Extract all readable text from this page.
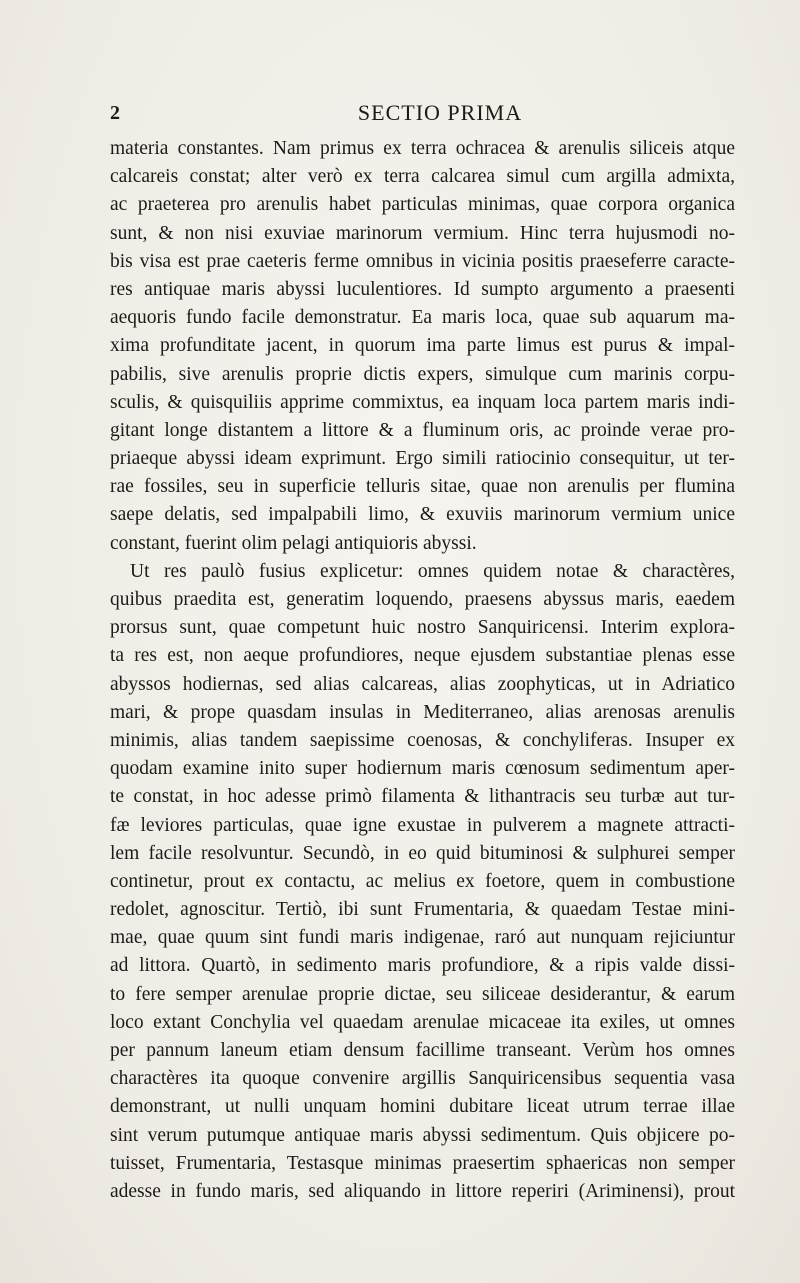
2	SECTIO PRIMA
materia constantes. Nam primus ex terra ochracea & arenulis siliceis atque
calcareis constat; alter verò ex terra calcarea simul cum argilla admixta,
ac praeterea pro arenulis habet particulas minimas, quae corpora organica
sunt, & non nisi exuviae marinorum vermium. Hinc terra hujusmodi no-
bis visa est prae caeteris ferme omnibus in vicinia positis praeseferre caracte-
res antiquae maris abyssi luculentiores. Id sumpto argumento a praesenti
aequoris fundo facile demonstratur. Ea maris loca, quae sub aquarum ma-
xima profunditate jacent, in quorum ima parte limus est purus & impal-
pabilis, sive arenulis proprie dictis expers, simulque cum marinis corpu-
sculis, & quisquiliis apprime commixtus, ea inquam loca partem maris indi-
gitant longe distantem a littore & a fluminum oris, ac proinde verae pro-
priaeque abyssi ideam exprimunt. Ergo simili ratiocinio consequitur, ut ter-
rae fossiles, seu in superficie telluris sitae, quae non arenulis per flumina
saepe delatis, sed impalpabili limo, & exuviis marinorum vermium unice
constant, fuerint olim pelagi antiquioris abyssi.
Ut res paulò fusius explicetur: omnes quidem notae & charactères,
quibus praedita est, generatim loquendo, praesens abyssus maris, eaedem
prorsus sunt, quae competunt huic nostro Sanquiricensi. Interim explora-
ta res est, non aeque profundiores, neque ejusdem substantiae plenas esse
abyssos hodiernas, sed alias calcareas, alias zoophyticas, ut in Adriatico
mari, & prope quasdam insulas in Mediterraneo, alias arenosas arenulis
minimis, alias tandem saepissime coenosas, & conchyliferas. Insuper ex
quodam examine inito super hodiernum maris cœnosum sedimentum aper-
te constat, in hoc adesse primò filamenta & lithantracis seu turbæ aut tur-
fæ leviores particulas, quae igne exustae in pulverem a magnete attracti-
lem facile resolvuntur. Secundò, in eo quid bituminosi & sulphurei semper
continetur, prout ex contactu, ac melius ex foetore, quem in combustione
redolet, agnoscitur. Tertiò, ibi sunt Frumentaria, & quaedam Testae mini-
mae, quae quum sint fundi maris indigenae, raró aut nunquam rejiciuntur
ad littora. Quartò, in sedimento maris profundiore, & a ripis valde dissi-
to fere semper arenulae proprie dictae, seu siliceae desiderantur, & earum
loco extant Conchylia vel quaedam arenulae micaceae ita exiles, ut omnes
per pannum laneum etiam densum facillime transeant. Verùm hos omnes
charactères ita quoque convenire argillis Sanquiricensibus sequentia vasa
demonstrant, ut nulli unquam homini dubitare liceat utrum terrae illae
sint verum putumque antiquae maris abyssi sedimentum. Quis objicere po-
tuisset, Frumentaria, Testasque minimas praesertim sphaericas non semper
adesse in fundo maris, sed aliquando in littore reperiri (Ariminensi), prout
